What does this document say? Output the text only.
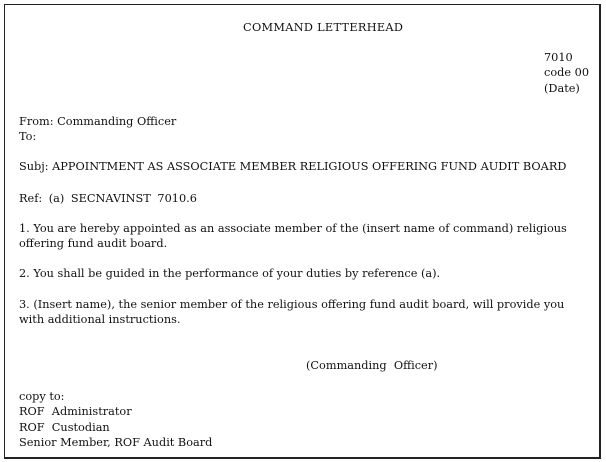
COMMAND LETTERHEAD
7010
code 00
(Date)
From: Commanding Officer
To:
Subj: APPOINTMENT AS ASSOCIATE MEMBER RELIGIOUS OFFERING FUND AUDIT BOARD
Ref: (a) SECNAVINST 7010.6
1. You are hereby appointed as an associate member of the (insert name of command) religious offering fund audit board.
2. You shall be guided in the performance of your duties by reference (a).
3. (Insert name), the senior member of the religious offering fund audit board, will provide you with additional instructions.
(Commanding  Officer)
copy to:
ROF  Administrator
ROF  Custodian
Senior Member, ROF Audit Board
